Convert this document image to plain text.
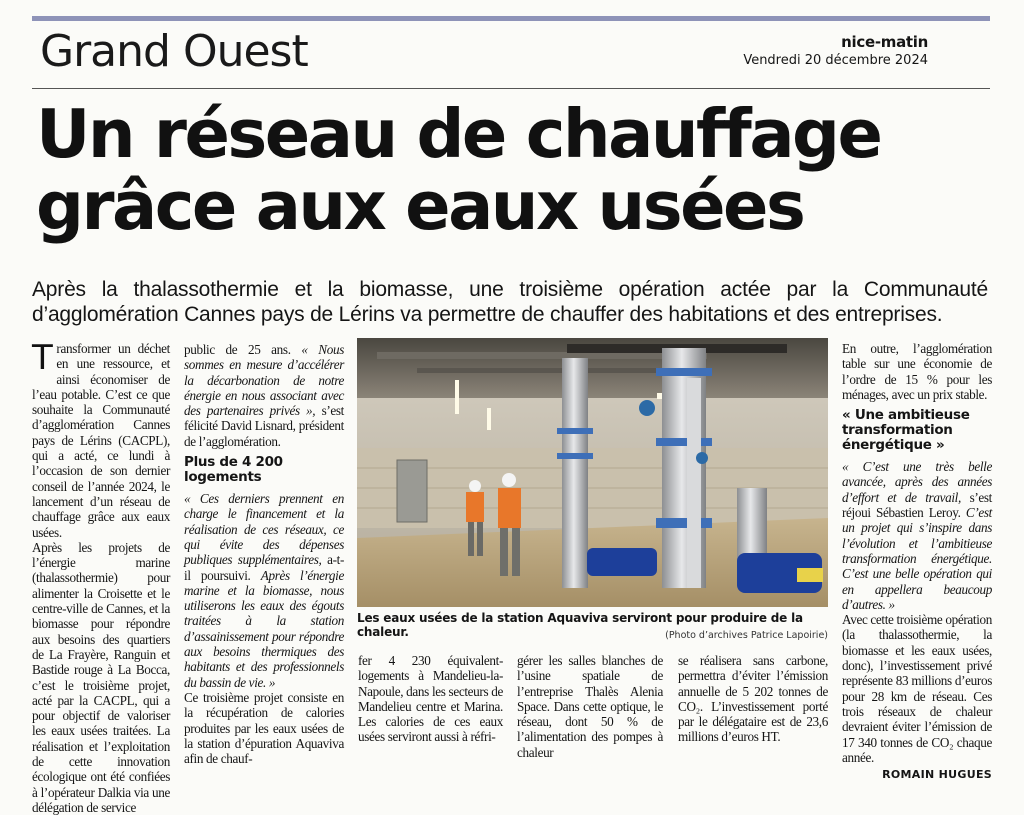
Grand Ouest	nice-matin
Vendredi 20 décembre 2024
Un réseau de chauffage
grâce aux eaux usées
Après la thalassothermie et la biomasse, une troisième opération actée par la Communauté d’agglomération Cannes pays de Lérins va permettre de chauffer des habitations et des entreprises.

Transformer un déchet en une ressource, et ainsi économiser de l’eau potable. C’est ce que souhaite la Communauté d’agglomération Cannes pays de Lérins (CACPL), qui a acté, ce lundi à l’occasion de son dernier conseil de l’année 2024, le lancement d’un réseau de chauffage grâce aux eaux usées.

Après les projets de l’énergie marine (thalassothermie) pour alimenter la Croisette et le centre-ville de Cannes, et la biomasse pour répondre aux besoins des quartiers de La Frayère, Ranguin et Bastide rouge à La Bocca, c’est le troisième projet, acté par la CACPL, qui a pour objectif de valoriser les eaux usées traitées. La réalisation et l’exploitation de cette innovation écologique ont été confiées à l’opérateur Dalkia via une délégation de service

public de 25 ans. « Nous sommes en mesure d’accélérer la décarbonation de notre énergie en nous associant avec des partenaires privés », s’est félicité David Lisnard, président de l’agglomération.

Plus de 4 200 logements

« Ces derniers prennent en charge le financement et la réalisation de ces réseaux, ce qui évite des dépenses publiques supplémentaires, a-t-il poursuivi. Après l’énergie marine et la biomasse, nous utiliserons les eaux des égouts traitées à la station d’assainissement pour répondre aux besoins thermiques des habitants et des professionnels du bassin de vie. »

Ce troisième projet consiste en la récupération de calories produites par les eaux usées de la station d’épuration Aquaviva afin de chauf-

Les eaux usées de la station Aquaviva serviront pour produire de la chaleur.	(Photo d’archives Patrice Lapoirie)
fer 4 230 équivalent-logements à Mandelieu-la-Napoule, dans les secteurs de Mandelieu centre et Marina. Les calories de ces eaux usées serviront aussi à réfri-
gérer les salles blanches de l’usine spatiale de l’entreprise Thalès Alenia Space. Dans cette optique, le réseau, dont 50 % de l’alimentation des pompes à chaleur
se réalisera sans carbone, permettra d’éviter l’émission annuelle de 5 202 tonnes de CO₂. L’investissement porté par le délégataire est de 23,6 millions d’euros HT.

En outre, l’agglomération table sur une économie de l’ordre de 15 % pour les ménages, avec un prix stable.

« Une ambitieuse transformation énergétique »

« C’est une très belle avancée, après des années d’effort et de travail, s’est réjoui Sébastien Leroy. C’est un projet qui s’inspire dans l’évolution et l’ambitieuse transformation énergétique. C’est une belle opération qui en appellera beaucoup d’autres. »

Avec cette troisième opération (la thalassothermie, la biomasse et les eaux usées, donc), l’investissement privé représente 83 millions d’euros pour 28 km de réseau. Ces trois réseaux de chaleur devraient éviter l’émission de 17 340 tonnes de CO₂ chaque année.

ROMAIN HUGUES
